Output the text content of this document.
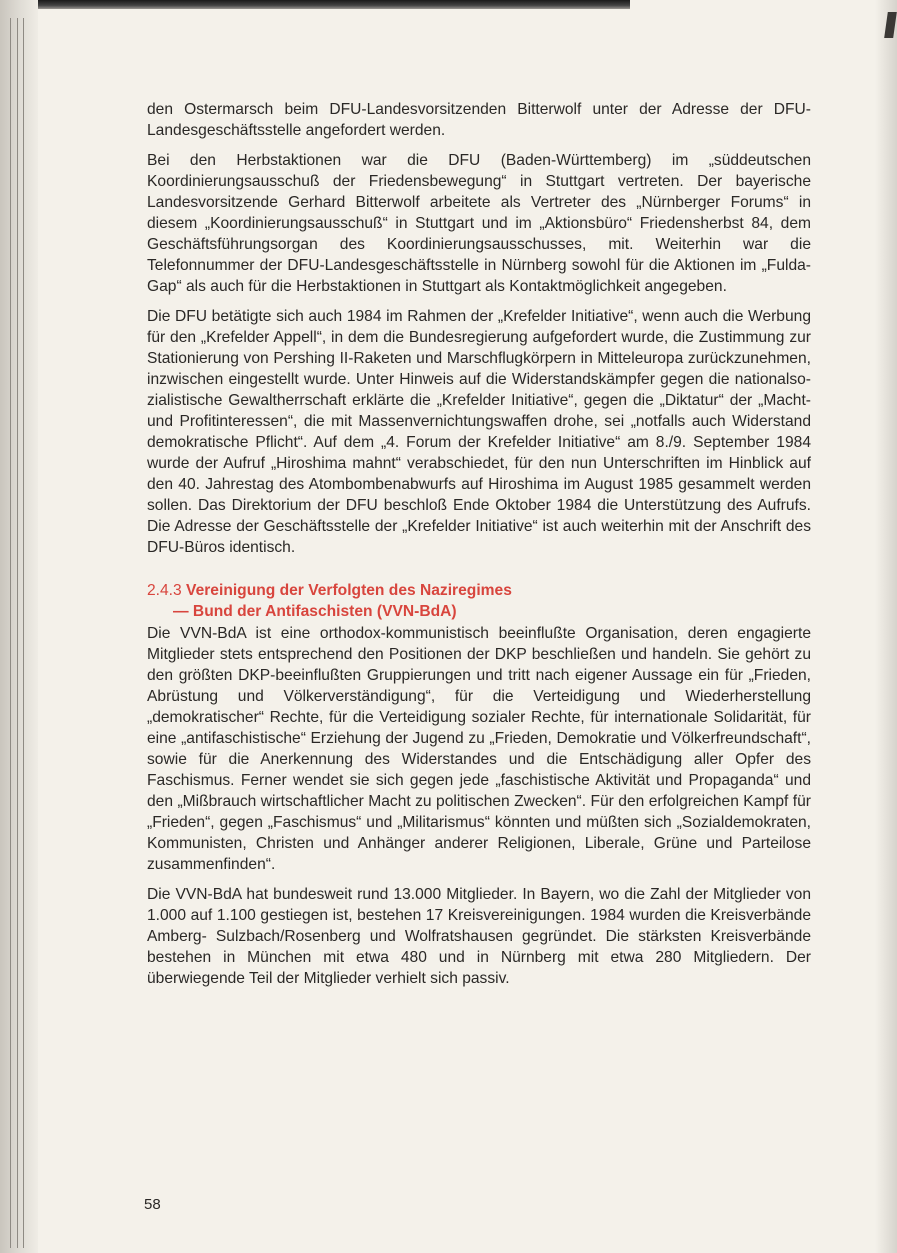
den Ostermarsch beim DFU-Landesvorsitzenden Bitterwolf unter der Adresse der DFU-Landesgeschäftsstelle angefordert werden.

Bei den Herbstaktionen war die DFU (Baden-Württemberg) im „süddeutschen Koordinierungsausschuß der Friedensbewegung“ in Stuttgart vertreten. Der bayerische Landesvorsitzende Gerhard Bitterwolf arbeitete als Vertreter des „Nürnberger Forums“ in diesem „Koordinierungsausschuß“ in Stuttgart und im „Aktionsbüro“ Friedensherbst 84, dem Geschäftsführungsorgan des Koordinierungsausschusses, mit. Weiterhin war die Telefonnummer der DFU-Landesgeschäftsstelle in Nürnberg sowohl für die Aktionen im „Fulda-Gap“ als auch für die Herbstaktionen in Stuttgart als Kontaktmöglichkeit angegeben.

Die DFU betätigte sich auch 1984 im Rahmen der „Krefelder Initiative“, wenn auch die Werbung für den „Krefelder Appell“, in dem die Bundesregierung aufgefordert wurde, die Zustimmung zur Stationierung von Pershing II-Raketen und Marschflugkörpern in Mitteleuropa zurückzunehmen, inzwischen eingestellt wurde. Unter Hinweis auf die Widerstandskämpfer gegen die nationalsozialistische Gewaltherrschaft erklärte die „Krefelder Initiative“, gegen die „Diktatur“ der „Macht- und Profitinteressen“, die mit Massenvernichtungswaffen drohe, sei „notfalls auch Widerstand demokratische Pflicht“. Auf dem „4. Forum der Krefelder Initiative“ am 8./9. September 1984 wurde der Aufruf „Hiroshima mahnt“ verabschiedet, für den nun Unterschriften im Hinblick auf den 40. Jahrestag des Atombombenabwurfs auf Hiroshima im August 1985 gesammelt werden sollen. Das Direktorium der DFU beschloß Ende Oktober 1984 die Unterstützung des Aufrufs. Die Adresse der Geschäftsstelle der „Krefelder Initiative“ ist auch weiterhin mit der Anschrift des DFU-Büros identisch.

2.4.3 Vereinigung der Verfolgten des Naziregimes
— Bund der Antifaschisten (VVN-BdA)

Die VVN-BdA ist eine orthodox-kommunistisch beeinflußte Organisation, deren engagierte Mitglieder stets entsprechend den Positionen der DKP beschließen und handeln. Sie gehört zu den größten DKP-beeinflußten Gruppierungen und tritt nach eigener Aussage ein für „Frieden, Abrüstung und Völkerverständigung“, für die Verteidigung und Wiederherstellung „demokratischer“ Rechte, für die Verteidigung sozialer Rechte, für internationale Solidarität, für eine „antifaschistische“ Erziehung der Jugend zu „Frieden, Demokratie und Völkerfreundschaft“, sowie für die Anerkennung des Widerstandes und die Entschädigung aller Opfer des Faschismus. Ferner wendet sie sich gegen jede „faschistische Aktivität und Propaganda“ und den „Mißbrauch wirtschaftlicher Macht zu politischen Zwecken“. Für den erfolgreichen Kampf für „Frieden“, gegen „Faschismus“ und „Militarismus“ könnten und müßten sich „Sozialdemokraten, Kommunisten, Christen und Anhänger anderer Religionen, Liberale, Grüne und Parteilose zusammenfinden“.

Die VVN-BdA hat bundesweit rund 13.000 Mitglieder. In Bayern, wo die Zahl der Mitglieder von 1.000 auf 1.100 gestiegen ist, bestehen 17 Kreisvereinigungen. 1984 wurden die Kreisverbände Amberg- Sulzbach/Rosenberg und Wolfratshausen gegründet. Die stärksten Kreisverbände bestehen in München mit etwa 480 und in Nürnberg mit etwa 280 Mitgliedern. Der überwiegende Teil der Mitglieder verhielt sich passiv.

58
